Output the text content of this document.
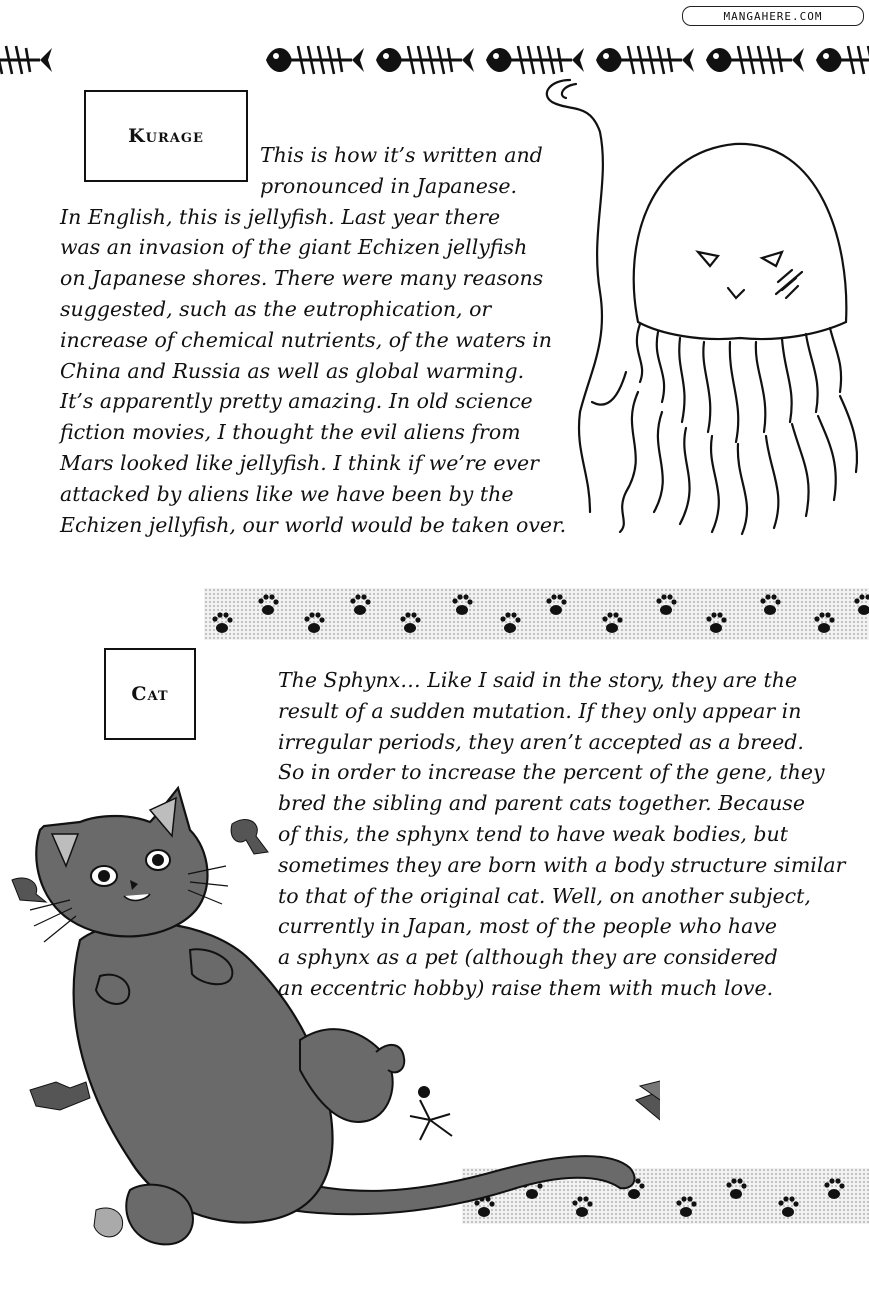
MANGAHERE.COM
Kurage
This is how it’s written and
pronounced in Japanese.
In English, this is jellyfish. Last year there
was an invasion of the giant Echizen jellyfish
on Japanese shores. There were many reasons
suggested, such as the eutrophication, or
increase of chemical nutrients, of the waters in
China and Russia as well as global warming.
It’s apparently pretty amazing. In old science
fiction movies, I thought the evil aliens from
Mars looked like jellyfish. I think if we’re ever
attacked by aliens like we have been by the
Echizen jellyfish, our world would be taken over.
Cat
The Sphynx… Like I said in the story, they are the
result of a sudden mutation. If they only appear in
irregular periods, they aren’t accepted as a breed.
So in order to increase the percent of the gene, they
bred the sibling and parent cats together. Because
of this, the sphynx tend to have weak bodies, but
sometimes they are born with a body structure similar
to that of the original cat. Well, on another subject,
currently in Japan, most of the people who have
a sphynx as a pet (although they are considered
an eccentric hobby) raise them with much love.
